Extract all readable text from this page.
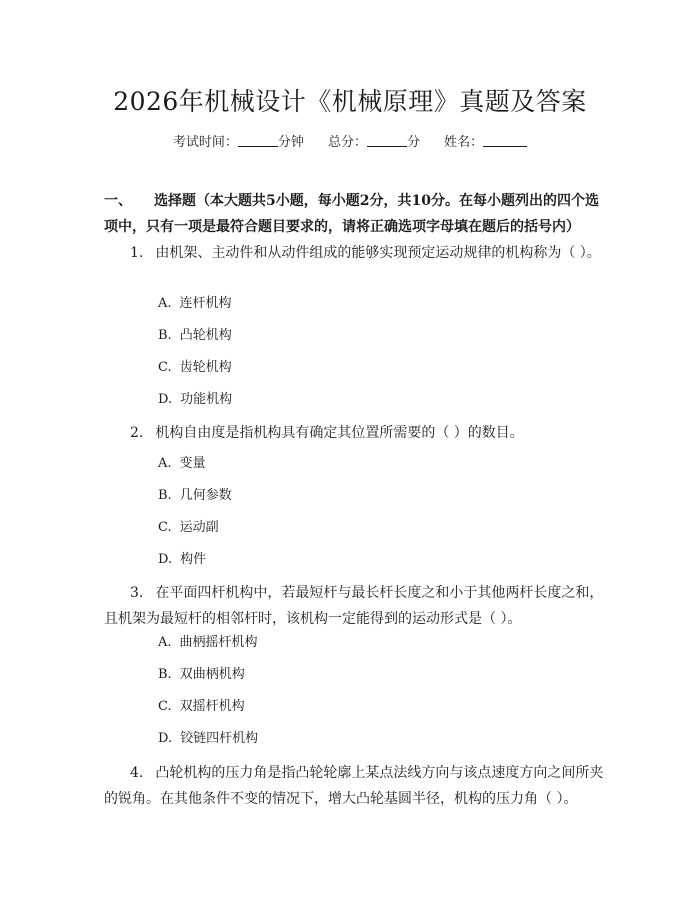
2026年机械设计《机械原理》真题及答案
考试时间：	分钟 总分：	分 姓名：
一、 选择题（本大题共5小题，每小题2分，共10分。在每小题列出的四个选项中，只有一项是最符合题目要求的，请将正确选项字母填在题后的括号内）
1. 由机架、主动件和从动件组成的能够实现预定运动规律的机构称为（ ）。
A. 连杆机构
B. 凸轮机构
C. 齿轮机构
D. 功能机构
2. 机构自由度是指机构具有确定其位置所需要的（ ）的数目。
A. 变量
B. 几何参数
C. 运动副
D. 构件
3. 在平面四杆机构中，若最短杆与最长杆长度之和小于其他两杆长度之和，且机架为最短杆的相邻杆时，该机构一定能得到的运动形式是（ ）。
A. 曲柄摇杆机构
B. 双曲柄机构
C. 双摇杆机构
D. 铰链四杆机构
4. 凸轮机构的压力角是指凸轮轮廓上某点法线方向与该点速度方向之间所夹的锐角。在其他条件不变的情况下，增大凸轮基圆半径，机构的压力角（ ）。
